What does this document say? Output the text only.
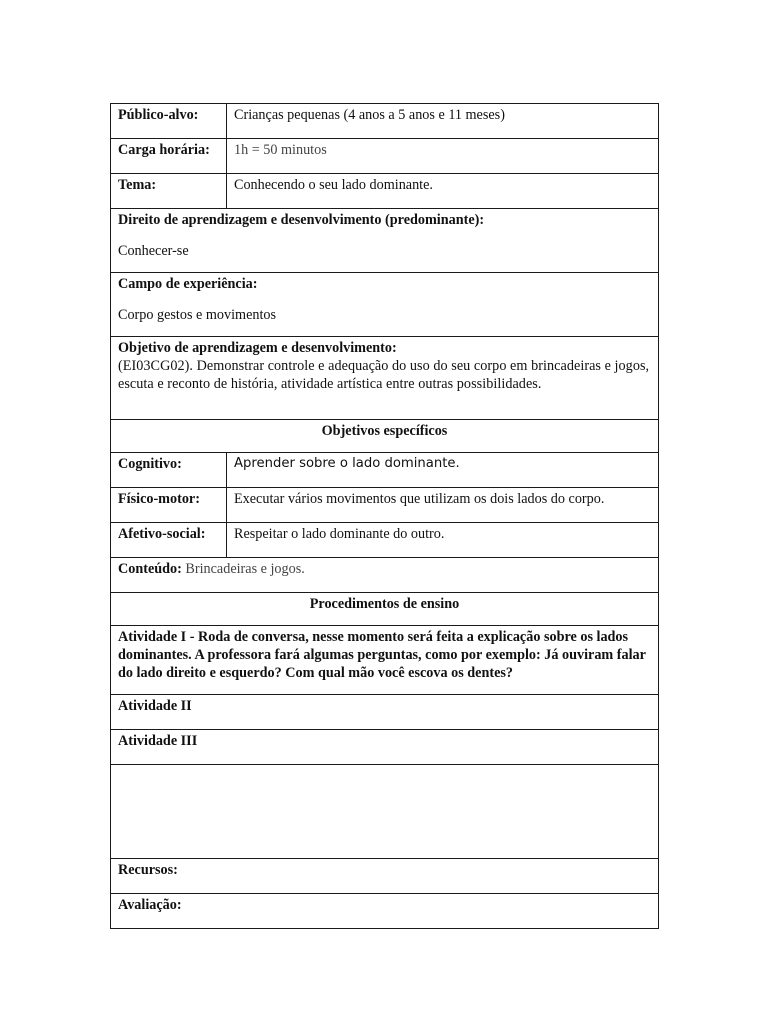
Público-alvo:	Crianças pequenas (4 anos a 5 anos e 11 meses)
Carga horária:	1h = 50 minutos
Tema:	Conhecendo o seu lado dominante.

Direito de aprendizagem e desenvolvimento (predominante):

Conhecer-se	

Campo de experiência:

Corpo gestos e movimentos	

Objetivo de aprendizagem e desenvolvimento:

(EI03CG02). Demonstrar controle e adequação do uso do seu corpo em brincadeiras e jogos, escuta e reconto de história, atividade artística entre outras possibilidades.	

Objetivos específicos	
Cognitivo:	Aprender sobre o lado dominante.
Físico-motor:	Executar vários movimentos que utilizam os dois lados do corpo.
Afetivo-social:	Respeitar o lado dominante do outro.
Conteúdo: Brincadeiras e jogos.	
Procedimentos de ensino	
Atividade I - Roda de conversa, nesse momento será feita a explicação sobre os lados dominantes. A professora fará algumas perguntas, como por exemplo: Já ouviram falar do lado direito e esquerdo? Com qual mão você escova os dentes?	
Atividade II	
Atividade III	

Recursos:	
Avaliação:	
